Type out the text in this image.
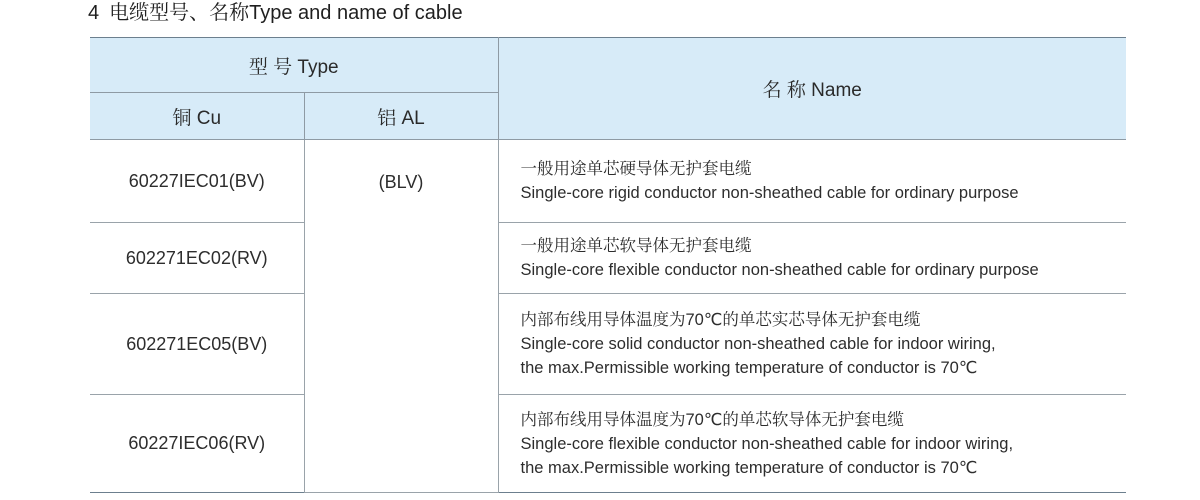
4 电缆型号、名称Type and name of cable
型 号 Type		名 称 Name
铜 Cu	铝 AL	
60227IEC01(BV)	(BLV)	一般用途单芯硬导体无护套电缆
Single-core rigid conductor non-sheathed cable for ordinary purpose

602271EC02(RV)		一般用途单芯软导体无护套电缆
Single-core flexible conductor non-sheathed cable for ordinary purpose

602271EC05(BV)		内部布线用导体温度为70℃的单芯实芯导体无护套电缆
Single-core solid conductor non-sheathed cable for indoor wiring,
the max.Permissible working temperature of conductor is 70℃

60227IEC06(RV)		内部布线用导体温度为70℃的单芯软导体无护套电缆
Single-core flexible conductor non-sheathed cable for indoor wiring,
the max.Permissible working temperature of conductor is 70℃
